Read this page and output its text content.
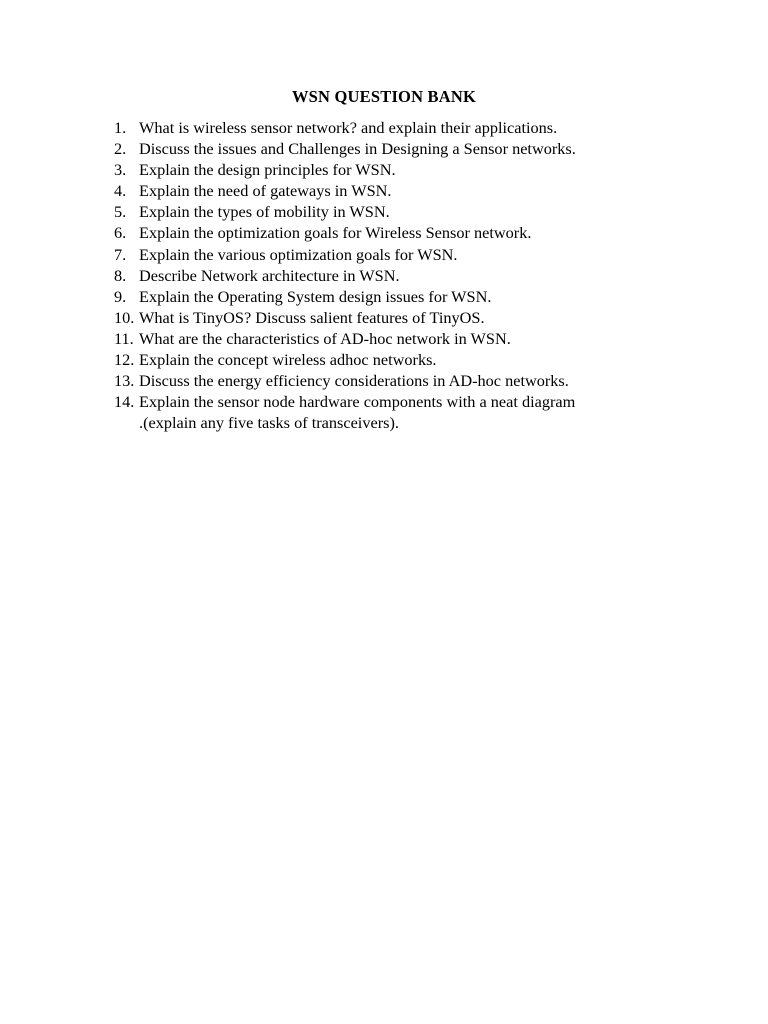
WSN QUESTION BANK
1. What is wireless sensor network? and explain their applications.
2. Discuss the issues and Challenges in Designing a Sensor networks.
3. Explain the design principles for WSN.
4. Explain the need of gateways in WSN.
5. Explain the types of mobility in WSN.
6. Explain the optimization goals for Wireless Sensor network.
7. Explain the various optimization goals for WSN.
8. Describe Network architecture in WSN.
9. Explain the Operating System design issues for WSN.
10. What is TinyOS? Discuss salient features of TinyOS.
11. What are the characteristics of AD-hoc network in WSN.
12. Explain the concept wireless adhoc networks.
13. Discuss the energy efficiency considerations in AD-hoc networks.
14. Explain the sensor node hardware components with a neat diagram
.(explain any five tasks of transceivers).
